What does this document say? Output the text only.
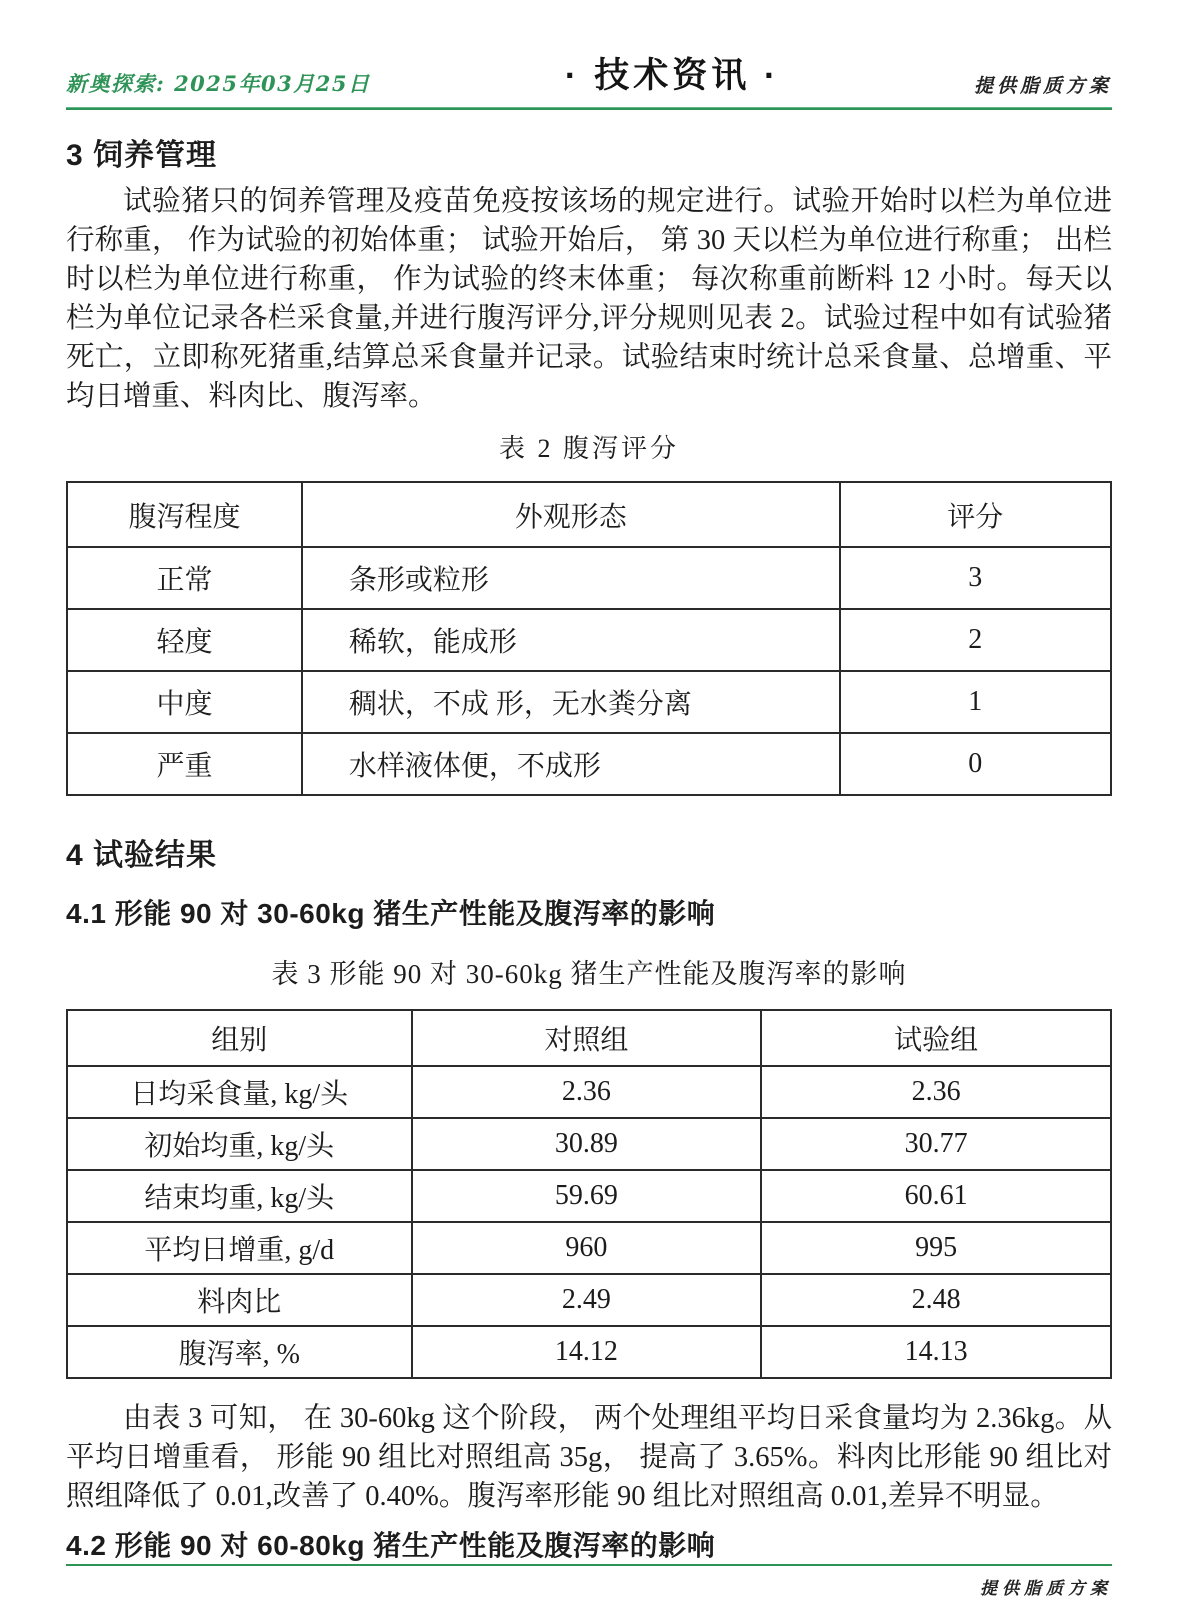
新奥探索: 2025年03月25日	· 技术资讯 ·	提供脂质方案
3 饲养管理

试验猪只的饲养管理及疫苗免疫按该场的规定进行。试验开始时以栏为单位进行称重， 作为试验的初始体重； 试验开始后， 第 30 天以栏为单位进行称重； 出栏时以栏为单位进行称重， 作为试验的终末体重； 每次称重前断料 12 小时。每天以栏为单位记录各栏采食量,并进行腹泻评分,评分规则见表 2。试验过程中如有试验猪死亡，立即称死猪重,结算总采食量并记录。试验结束时统计总采食量、总增重、平均日增重、料肉比、腹泻率。

表 2 腹泻评分
腹泻程度	外观形态	评分
正常	条形或粒形	3
轻度	稀软，能成形	2
中度	稠状，不成 形，无水粪分离	1
严重	水样液体便，不成形	0
4 试验结果
4.1 形能 90 对 30-60kg 猪生产性能及腹泻率的影响
表 3 形能 90 对 30-60kg 猪生产性能及腹泻率的影响
组别	对照组	试验组
日均采食量, kg/头	2.36	2.36
初始均重, kg/头	30.89	30.77
结束均重, kg/头	59.69	60.61
平均日增重, g/d	960	995
料肉比	2.49	2.48
腹泻率, %	14.12	14.13

由表 3 可知， 在 30-60kg 这个阶段， 两个处理组平均日采食量均为 2.36kg。从平均日增重看， 形能 90 组比对照组高 35g， 提高了 3.65%。料肉比形能 90 组比对照组降低了 0.01,改善了 0.40%。腹泻率形能 90 组比对照组高 0.01,差异不明显。

4.2 形能 90 对 60-80kg 猪生产性能及腹泻率的影响
提供脂质方案
